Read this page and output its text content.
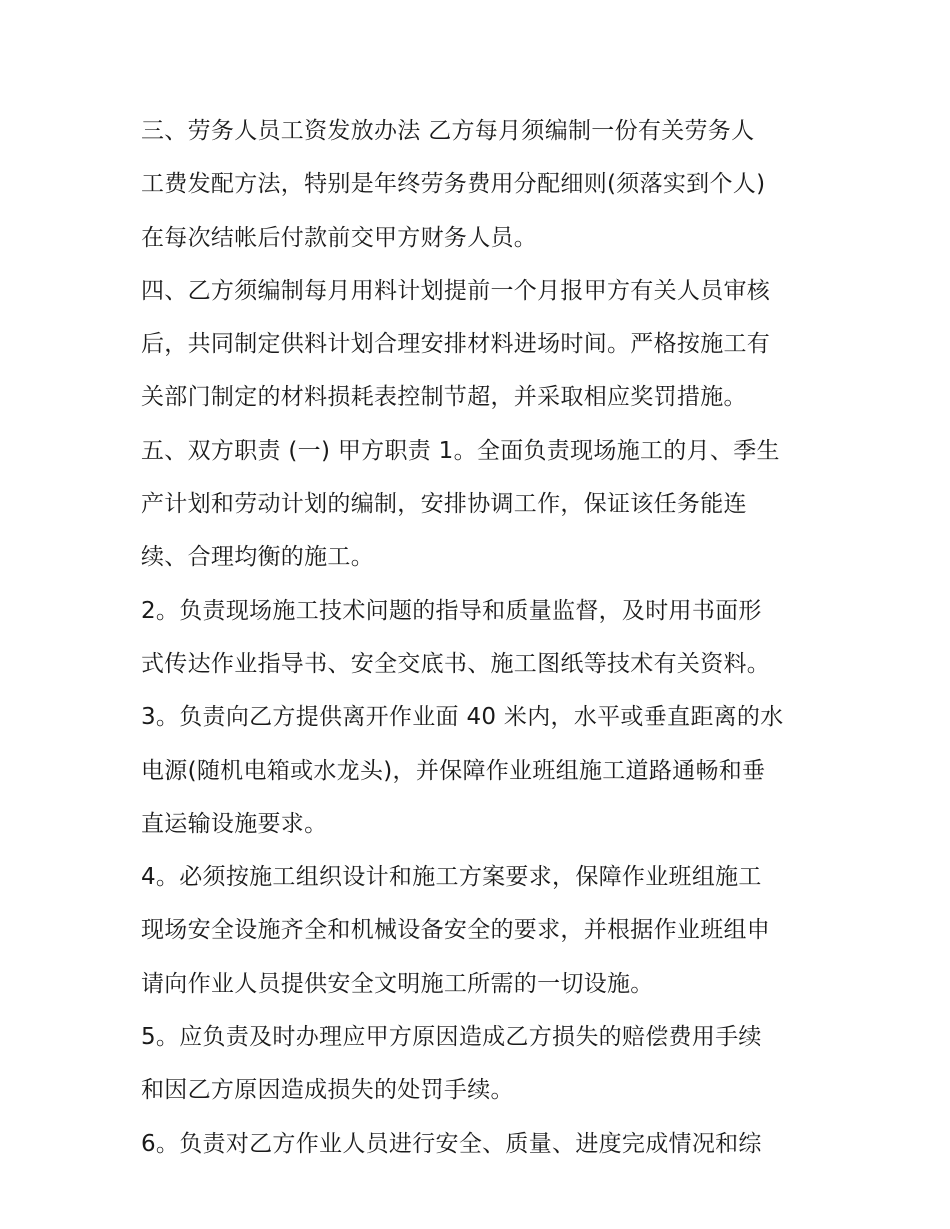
三、劳务人员工资发放办法 乙方每月须编制一份有关劳务人
工费发配方法，特别是年终劳务费用分配细则(须落实到个人)
在每次结帐后付款前交甲方财务人员。
四、乙方须编制每月用料计划提前一个月报甲方有关人员审核
后，共同制定供料计划合理安排材料进场时间。严格按施工有
关部门制定的材料损耗表控制节超，并采取相应奖罚措施。
五、双方职责 (一) 甲方职责 1。全面负责现场施工的月、季生
产计划和劳动计划的编制，安排协调工作，保证该任务能连
续、合理均衡的施工。
2。负责现场施工技术问题的指导和质量监督，及时用书面形
式传达作业指导书、安全交底书、施工图纸等技术有关资料。
3。负责向乙方提供离开作业面 40 米内，水平或垂直距离的水
电源(随机电箱或水龙头)，并保障作业班组施工道路通畅和垂
直运输设施要求。
4。必须按施工组织设计和施工方案要求，保障作业班组施工
现场安全设施齐全和机械设备安全的要求，并根据作业班组申
请向作业人员提供安全文明施工所需的一切设施。
5。应负责及时办理应甲方原因造成乙方损失的赔偿费用手续
和因乙方原因造成损失的处罚手续。
6。负责对乙方作业人员进行安全、质量、进度完成情况和综
